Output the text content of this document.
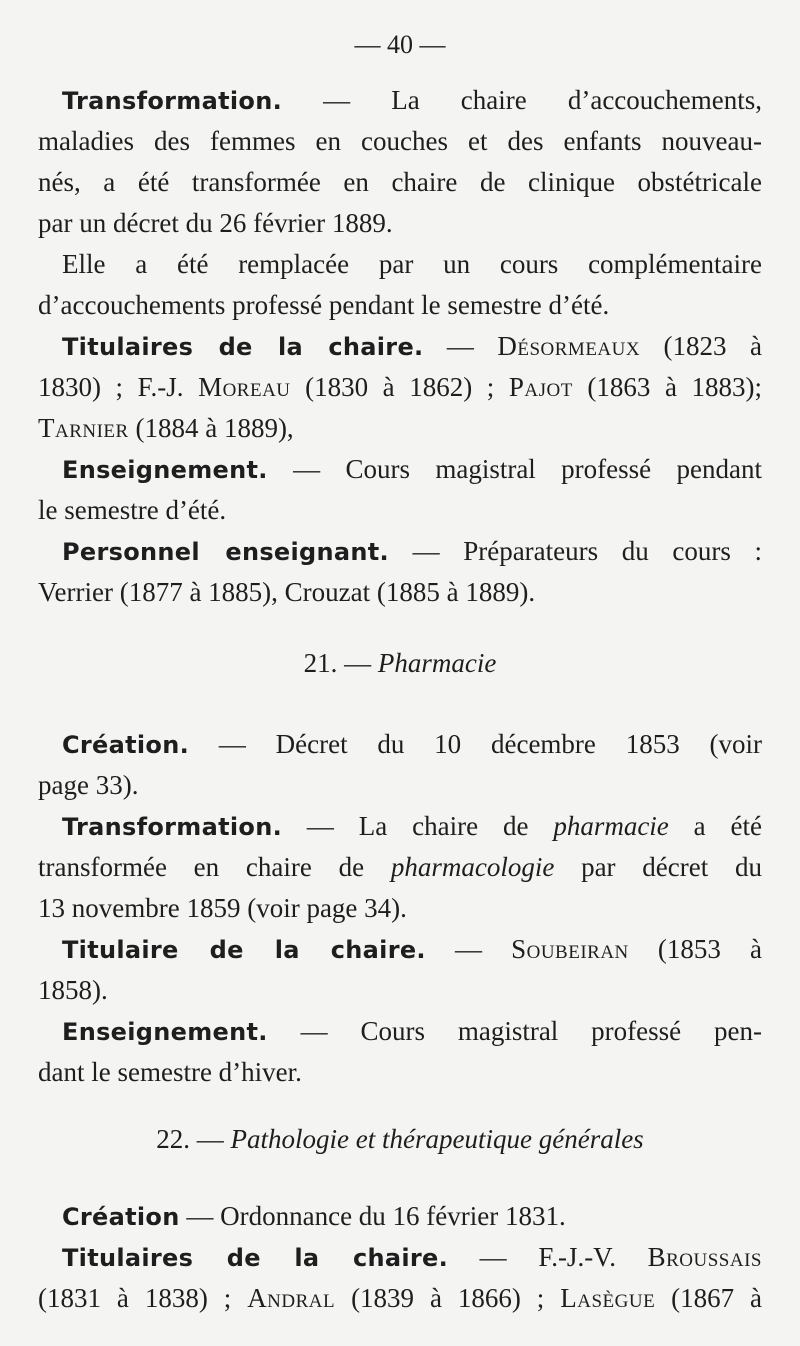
— 40 —
Transformation. — La chaire d’accouchements,
maladies des femmes en couches et des enfants nouveau-
nés, a été transformée en chaire de clinique obstétricale
par un décret du 26 février 1889.
Elle a été remplacée par un cours complémentaire
d’accouchements professé pendant le semestre d’été.
Titulaires de la chaire. — Désormeaux (1823 à
1830) ; F.-J. Moreau (1830 à 1862) ; Pajot (1863 à 1883);
Tarnier (1884 à 1889),
Enseignement. — Cours magistral professé pendant
le semestre d’été.
Personnel enseignant. — Préparateurs du cours :
Verrier (1877 à 1885), Crouzat (1885 à 1889).
21. — Pharmacie
Création. — Décret du 10 décembre 1853 (voir
page 33).
Transformation. — La chaire de pharmacie a été
transformée en chaire de pharmacologie par décret du
13 novembre 1859 (voir page 34).
Titulaire de la chaire. — Soubeiran (1853 à
1858).
Enseignement. — Cours magistral professé pen-
dant le semestre d’hiver.
22. — Pathologie et thérapeutique générales
Création — Ordonnance du 16 février 1831.
Titulaires de la chaire. — F.-J.-V. Broussais
(1831 à 1838) ; Andral (1839 à 1866) ; Lasègue (1867 à
